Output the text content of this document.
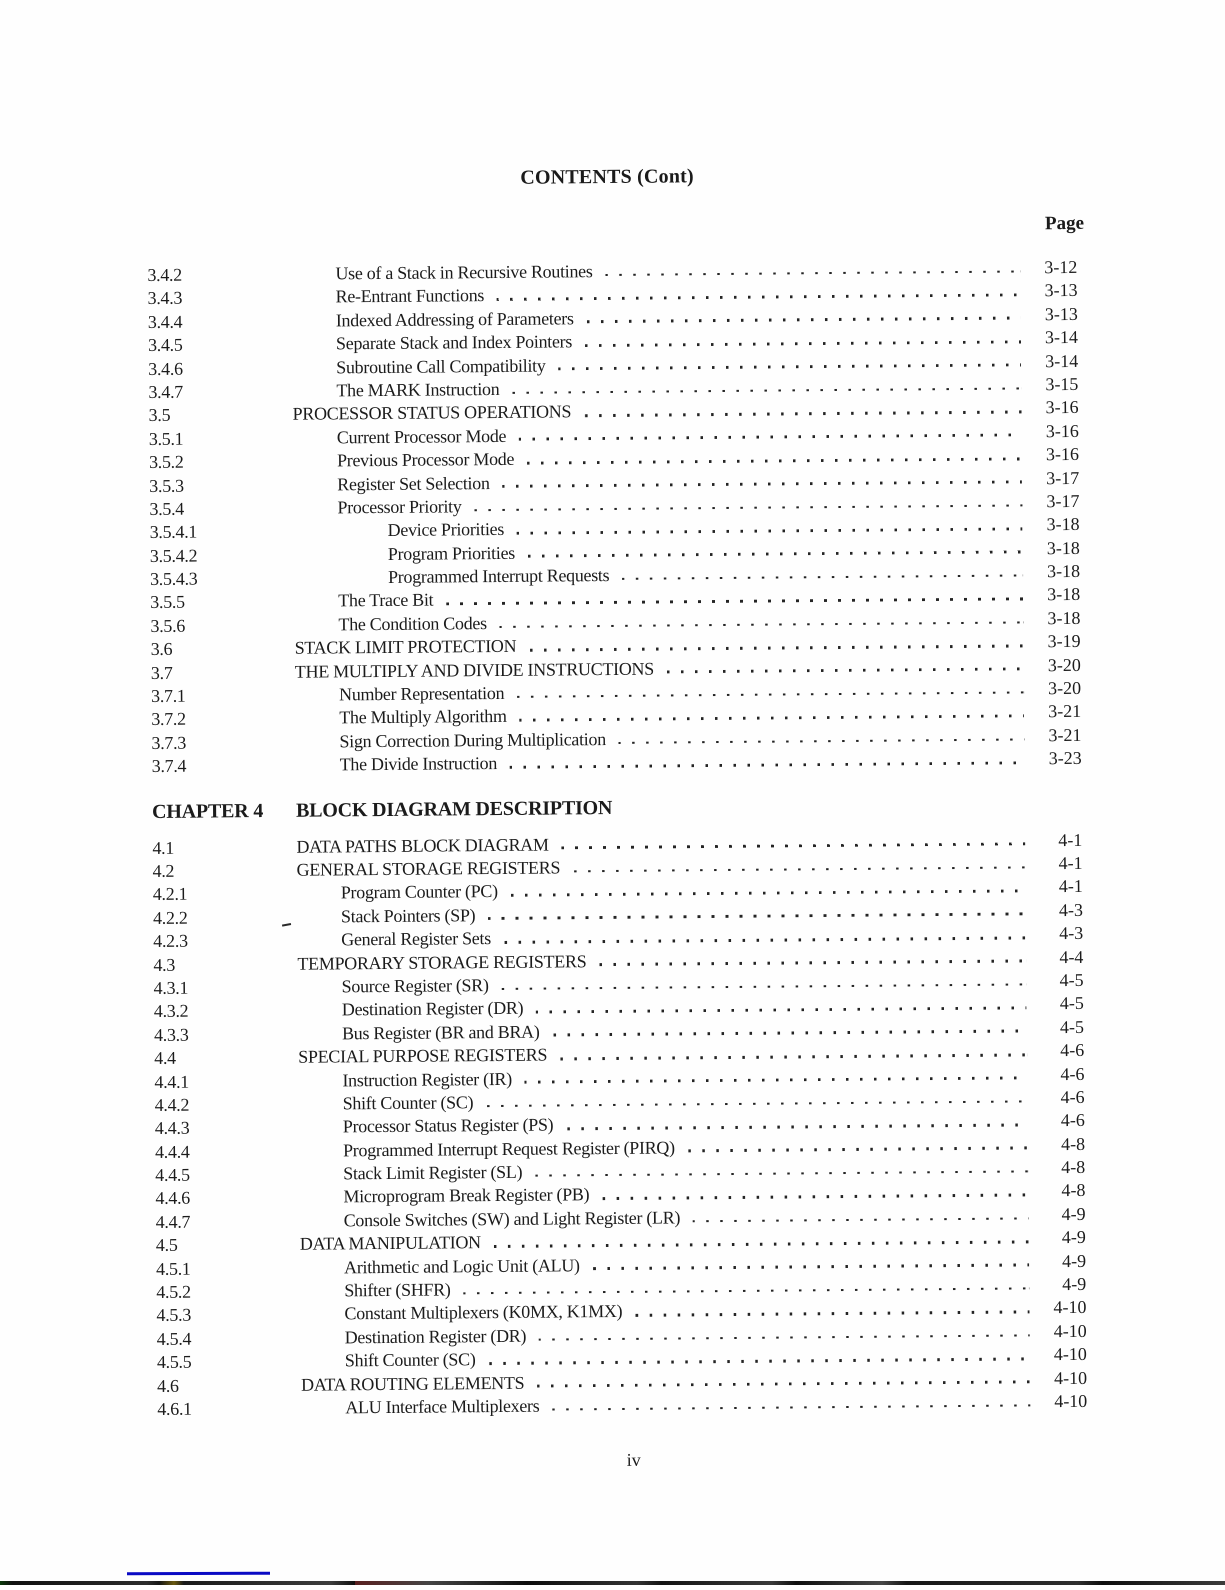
CONTENTS (Cont)
Page
3.4.2	Use of a Stack in Recursive Routines	3-12
3.4.3	Re-Entrant Functions	3-13
3.4.4	Indexed Addressing of Parameters	3-13
3.4.5	Separate Stack and Index Pointers	3-14
3.4.6	Subroutine Call Compatibility	3-14
3.4.7	The MARK Instruction	3-15
3.5	PROCESSOR STATUS OPERATIONS	3-16
3.5.1	Current Processor Mode	3-16
3.5.2	Previous Processor Mode	3-16
3.5.3	Register Set Selection	3-17
3.5.4	Processor Priority	3-17
3.5.4.1	Device Priorities	3-18
3.5.4.2	Program Priorities	3-18
3.5.4.3	Programmed Interrupt Requests	3-18
3.5.5	The Trace Bit	3-18
3.5.6	The Condition Codes	3-18
3.6	STACK LIMIT PROTECTION	3-19
3.7	THE MULTIPLY AND DIVIDE INSTRUCTIONS	3-20
3.7.1	Number Representation	3-20
3.7.2	The Multiply Algorithm	3-21
3.7.3	Sign Correction During Multiplication	3-21
3.7.4	The Divide Instruction	3-23
CHAPTER 4	BLOCK DIAGRAM DESCRIPTION
4.1	DATA PATHS BLOCK DIAGRAM	4-1
4.2	GENERAL STORAGE REGISTERS	4-1
4.2.1	Program Counter (PC)	4-1
4.2.2	Stack Pointers (SP)	4-3
4.2.3	General Register Sets	4-3
4.3	TEMPORARY STORAGE REGISTERS	4-4
4.3.1	Source Register (SR)	4-5
4.3.2	Destination Register (DR)	4-5
4.3.3	Bus Register (BR and BRA)	4-5
4.4	SPECIAL PURPOSE REGISTERS	4-6
4.4.1	Instruction Register (IR)	4-6
4.4.2	Shift Counter (SC)	4-6
4.4.3	Processor Status Register (PS)	4-6
4.4.4	Programmed Interrupt Request Register (PIRQ)	4-8
4.4.5	Stack Limit Register (SL)	4-8
4.4.6	Microprogram Break Register (PB)	4-8
4.4.7	Console Switches (SW) and Light Register (LR)	4-9
4.5	DATA MANIPULATION	4-9
4.5.1	Arithmetic and Logic Unit (ALU)	4-9
4.5.2	Shifter (SHFR)	4-9
4.5.3	Constant Multiplexers (K0MX, K1MX)	4-10
4.5.4	Destination Register (DR)	4-10
4.5.5	Shift Counter (SC)	4-10
4.6	DATA ROUTING ELEMENTS	4-10
4.6.1	ALU Interface Multiplexers	4-10
iv
